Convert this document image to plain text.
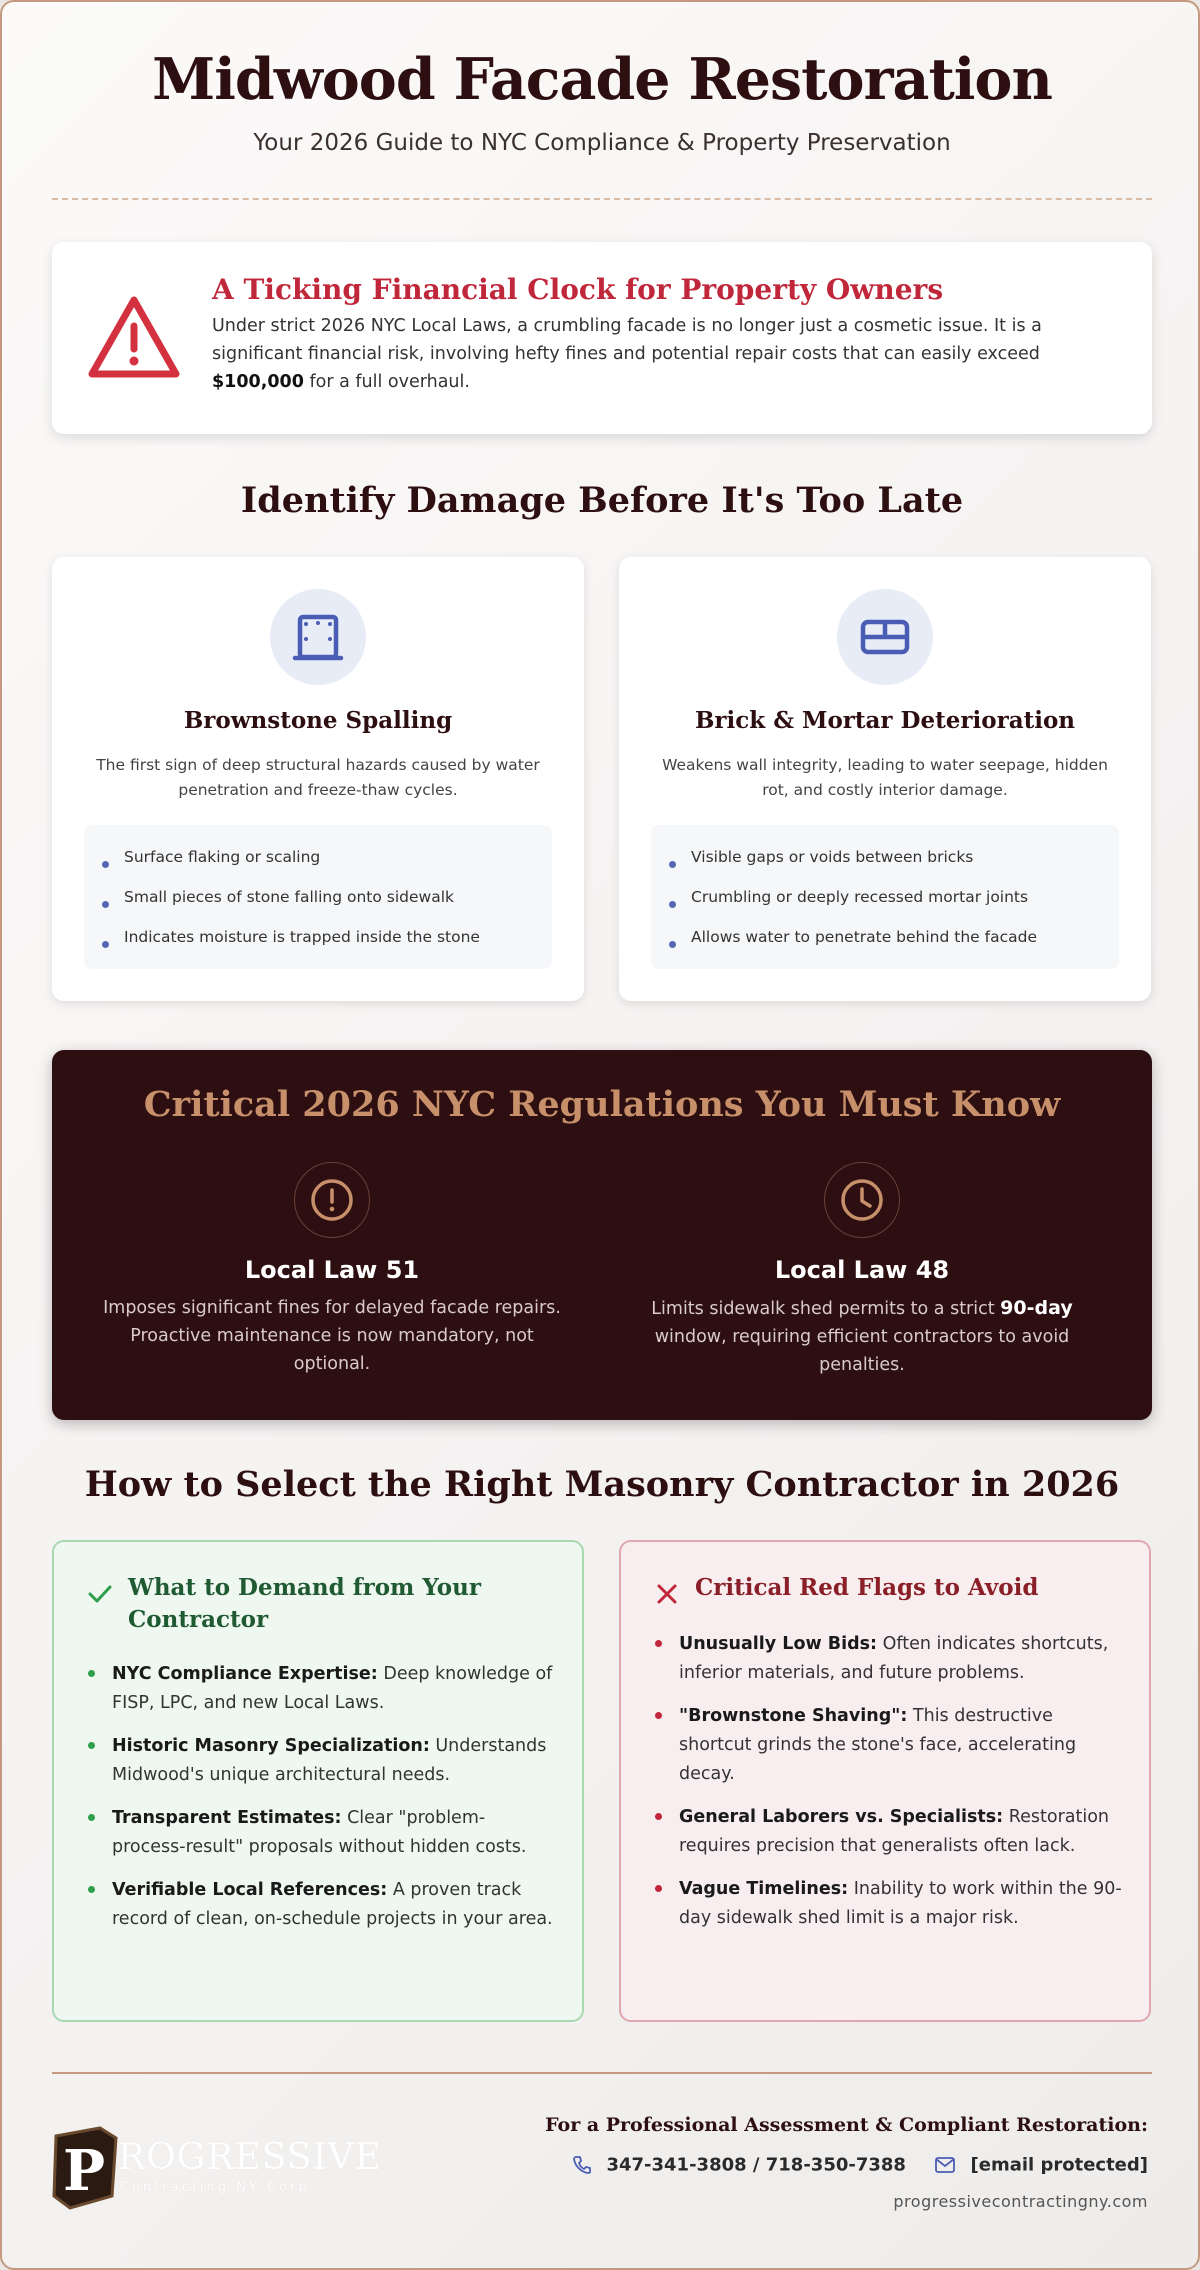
Midwood Facade Restoration
Your 2026 Guide to NYC Compliance & Property Preservation
A Ticking Financial Clock for Property Owners

Under strict 2026 NYC Local Laws, a crumbling facade is no longer just a cosmetic issue. It is a significant financial risk, involving hefty fines and potential repair costs that can easily exceed $100,000 for a full overhaul.

Identify Damage Before It's Too Late
Brownstone Spalling
The first sign of deep structural hazards caused by water penetration and freeze-thaw cycles.
Surface flaking or scaling
Small pieces of stone falling onto sidewalk
Indicates moisture is trapped inside the stone
Brick & Mortar Deterioration
Weakens wall integrity, leading to water seepage, hidden rot, and costly interior damage.
Visible gaps or voids between bricks
Crumbling or deeply recessed mortar joints
Allows water to penetrate behind the facade
Critical 2026 NYC Regulations You Must Know
Local Law 51
Imposes significant fines for delayed facade repairs. Proactive maintenance is now mandatory, not optional.
Local Law 48
Limits sidewalk shed permits to a strict 90-day window, requiring efficient contractors to avoid penalties.
How to Select the Right Masonry Contractor in 2026
What to Demand from Your Contractor
NYC Compliance Expertise: Deep knowledge of FISP, LPC, and new Local Laws.
Historic Masonry Specialization: Understands Midwood's unique architectural needs.
Transparent Estimates: Clear "problem-process-result" proposals without hidden costs.
Verifiable Local References: A proven track record of clean, on-schedule projects in your area.
Critical Red Flags to Avoid
Unusually Low Bids: Often indicates shortcuts, inferior materials, and future problems.
"Brownstone Shaving": This destructive shortcut grinds the stone's face, accelerating decay.
General Laborers vs. Specialists: Restoration requires precision that generalists often lack.
Vague Timelines: Inability to work within the 90-day sidewalk shed limit is a major risk.
P ROGRESSIVE
Contracting NY Corp
For a Professional Assessment & Compliant Restoration:
347-341-3808 / 718-350-7388	[email protected]
progressivecontractingny.com
